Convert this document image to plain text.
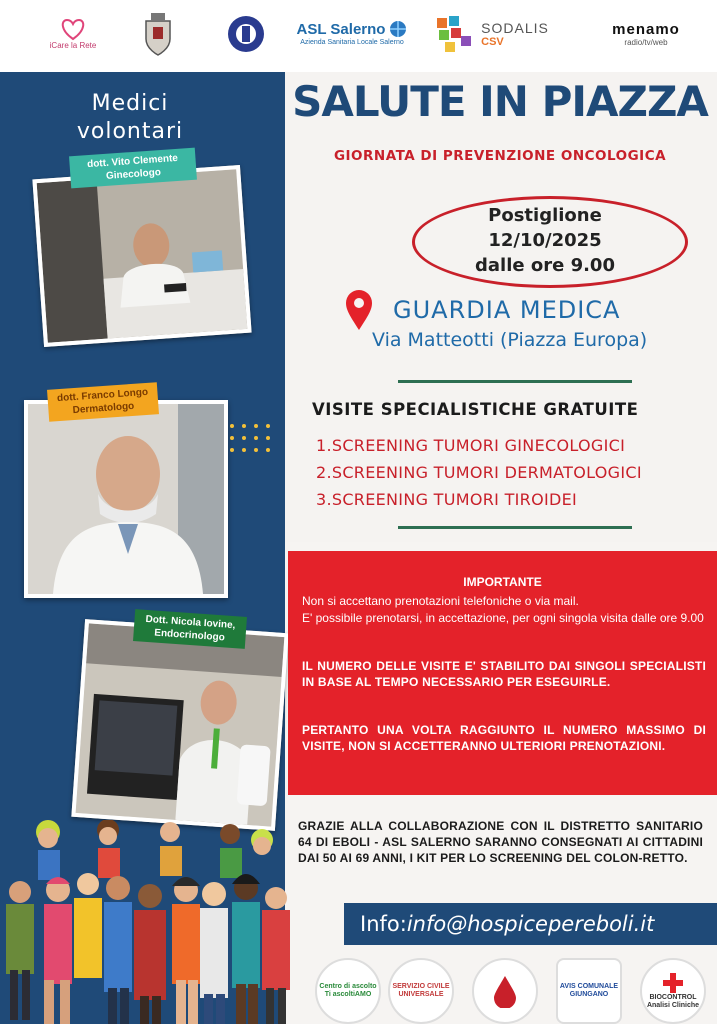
iCare la Rete
ASL Salerno
Azienda Sanitaria Locale Salerno
SODALIS
CSV
menamo
radio/tv/web
Medici
volontari
dott. Vito Clemente
Ginecologo
dott. Franco Longo
Dermatologo
Dott. Nicola Iovine,
Endocrinologo
SALUTE IN PIAZZA
GIORNATA DI PREVENZIONE ONCOLOGICA
Postiglione
12/10/2025
dalle ore 9.00
GUARDIA MEDICA
Via Matteotti (Piazza Europa)
VISITE SPECIALISTICHE GRATUITE
1.SCREENING TUMORI GINECOLOGICI
2.SCREENING TUMORI DERMATOLOGICI
3.SCREENING TUMORI TIROIDEI
IMPORTANTE
Non si accettano prenotazioni telefoniche o via mail.
E' possibile prenotarsi, in accettazione, per ogni singola visita dalle ore 9.00
IL NUMERO DELLE VISITE E' STABILITO DAI SINGOLI SPECIALISTI IN BASE AL TEMPO NECESSARIO PER ESEGUIRLE.
PERTANTO UNA VOLTA RAGGIUNTO IL NUMERO MASSIMO DI VISITE, NON SI ACCETTERANNO ULTERIORI PRENOTAZIONI.
GRAZIE ALLA COLLABORAZIONE CON IL DISTRETTO SANITARIO 64 DI EBOLI - ASL SALERNO SARANNO CONSEGNATI AI CITTADINI DAI 50 AI 69 ANNI, I KIT PER LO SCREENING DEL COLON-RETTO.
Info:info@hospicepereboli.it
Centro di ascolto Ti ascoltiAMO
SERVIZIO CIVILE UNIVERSALE
AVIS COMUNALE GIUNGANO	BIOCONTROL Analisi Cliniche
